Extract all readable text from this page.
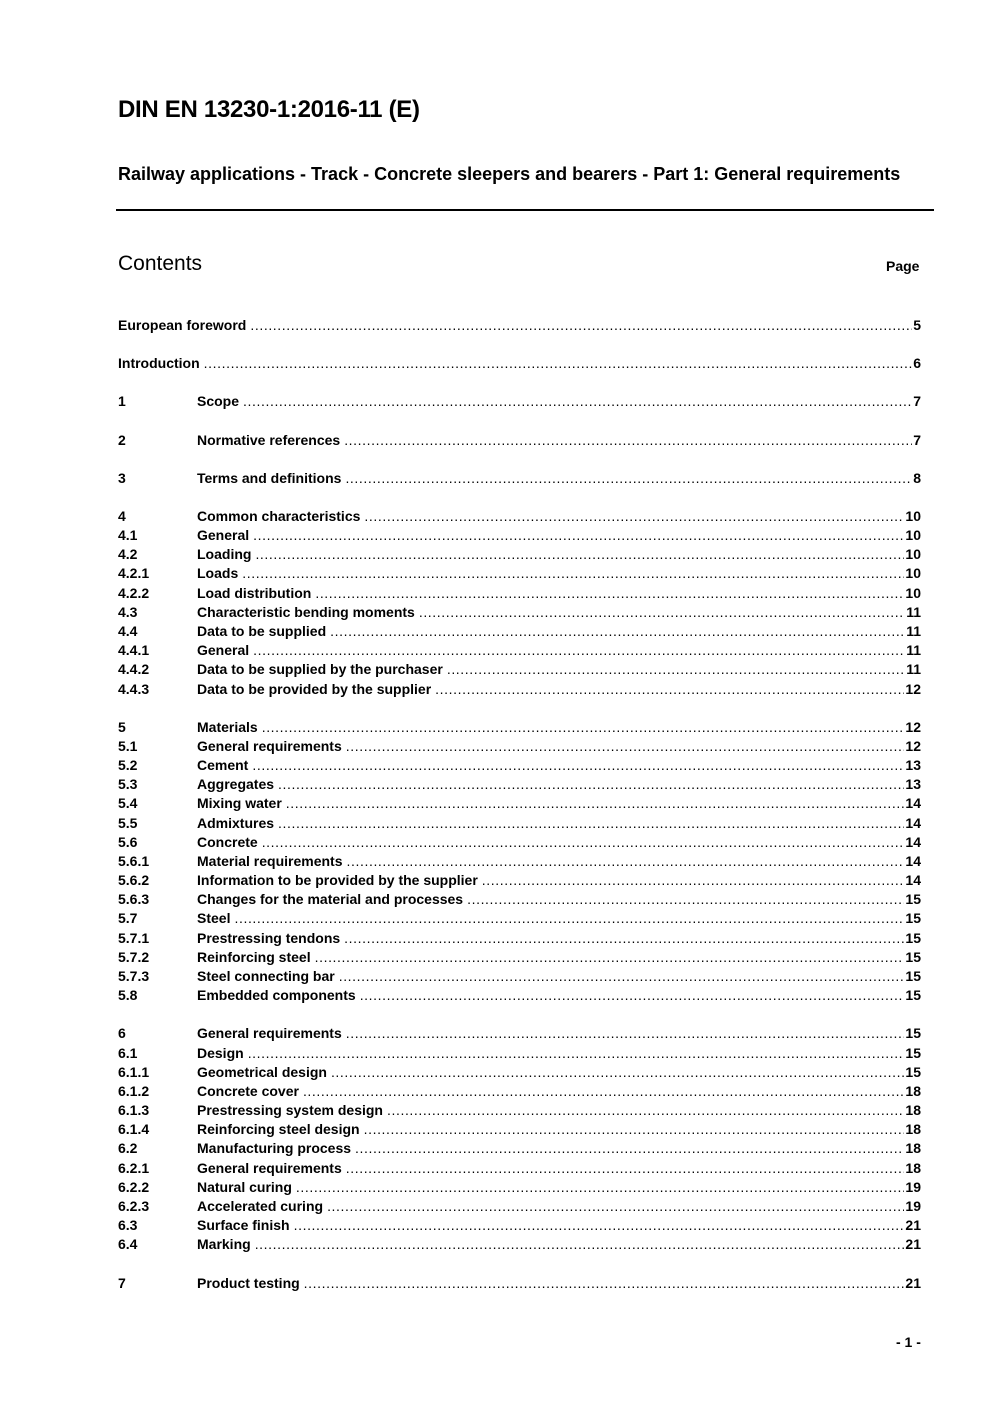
DIN EN 13230-1:2016-11 (E)
Railway applications - Track - Concrete sleepers and bearers - Part 1: General requirements
Contents	Page
European foreword .....	5
Introduction .....	6
1	Scope .....	7
2	Normative references .....	7
3	Terms and definitions .....	8
4	Common characteristics .....	10
4.1	General .....	10
4.2	Loading .....	10
4.2.1	Loads .....	10
4.2.2	Load distribution .....	10
4.3	Characteristic bending moments .....	11
4.4	Data to be supplied .....	11
4.4.1	General .....	11
4.4.2	Data to be supplied by the purchaser .....	11
4.4.3	Data to be provided by the supplier .....	12
5	Materials .....	12
5.1	General requirements .....	12
5.2	Cement .....	13
5.3	Aggregates .....	13
5.4	Mixing water .....	14
5.5	Admixtures .....	14
5.6	Concrete .....	14
5.6.1	Material requirements .....	14
5.6.2	Information to be provided by the supplier .....	14
5.6.3	Changes for the material and processes .....	15
5.7	Steel .....	15
5.7.1	Prestressing tendons .....	15
5.7.2	Reinforcing steel .....	15
5.7.3	Steel connecting bar .....	15
5.8	Embedded components .....	15
6	General requirements .....	15
6.1	Design .....	15
6.1.1	Geometrical design .....	15
6.1.2	Concrete cover .....	18
6.1.3	Prestressing system design .....	18
6.1.4	Reinforcing steel design .....	18
6.2	Manufacturing process .....	18
6.2.1	General requirements .....	18
6.2.2	Natural curing .....	19
6.2.3	Accelerated curing .....	19
6.3	Surface finish .....	21
6.4	Marking .....	21
7	Product testing .....	21
- 1 -
